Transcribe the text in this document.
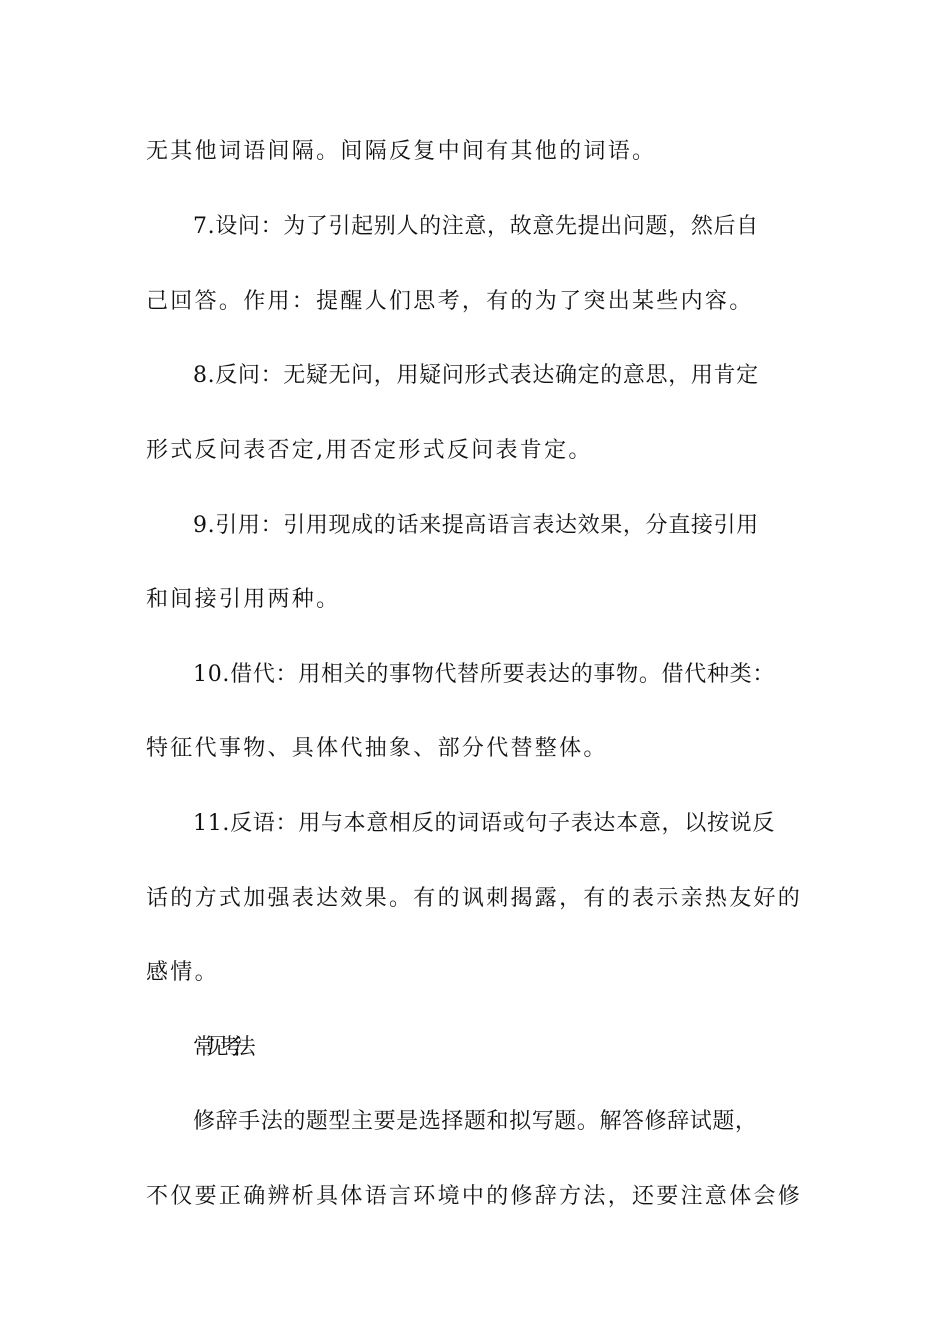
无其他词语间隔。间隔反复中间有其他的词语。
7.设问：为了引起别人的注意，故意先提出问题，然后自
己回答。作用：提醒人们思考，有的为了突出某些内容。
8.反问：无疑无问，用疑问形式表达确定的意思，用肯定
形式反问表否定,用否定形式反问表肯定。
9.引用：引用现成的话来提高语言表达效果，分直接引用
和间接引用两种。
10.借代：用相关的事物代替所要表达的事物。借代种类：
特征代事物、具体代抽象、部分代替整体。
11.反语：用与本意相反的词语或句子表达本意，以按说反
话的方式加强表达效果。有的讽刺揭露，有的表示亲热友好的
感情。
常见考法
修辞手法的题型主要是选择题和拟写题。解答修辞试题，
不仅要正确辨析具体语言环境中的修辞方法，还要注意体会修
